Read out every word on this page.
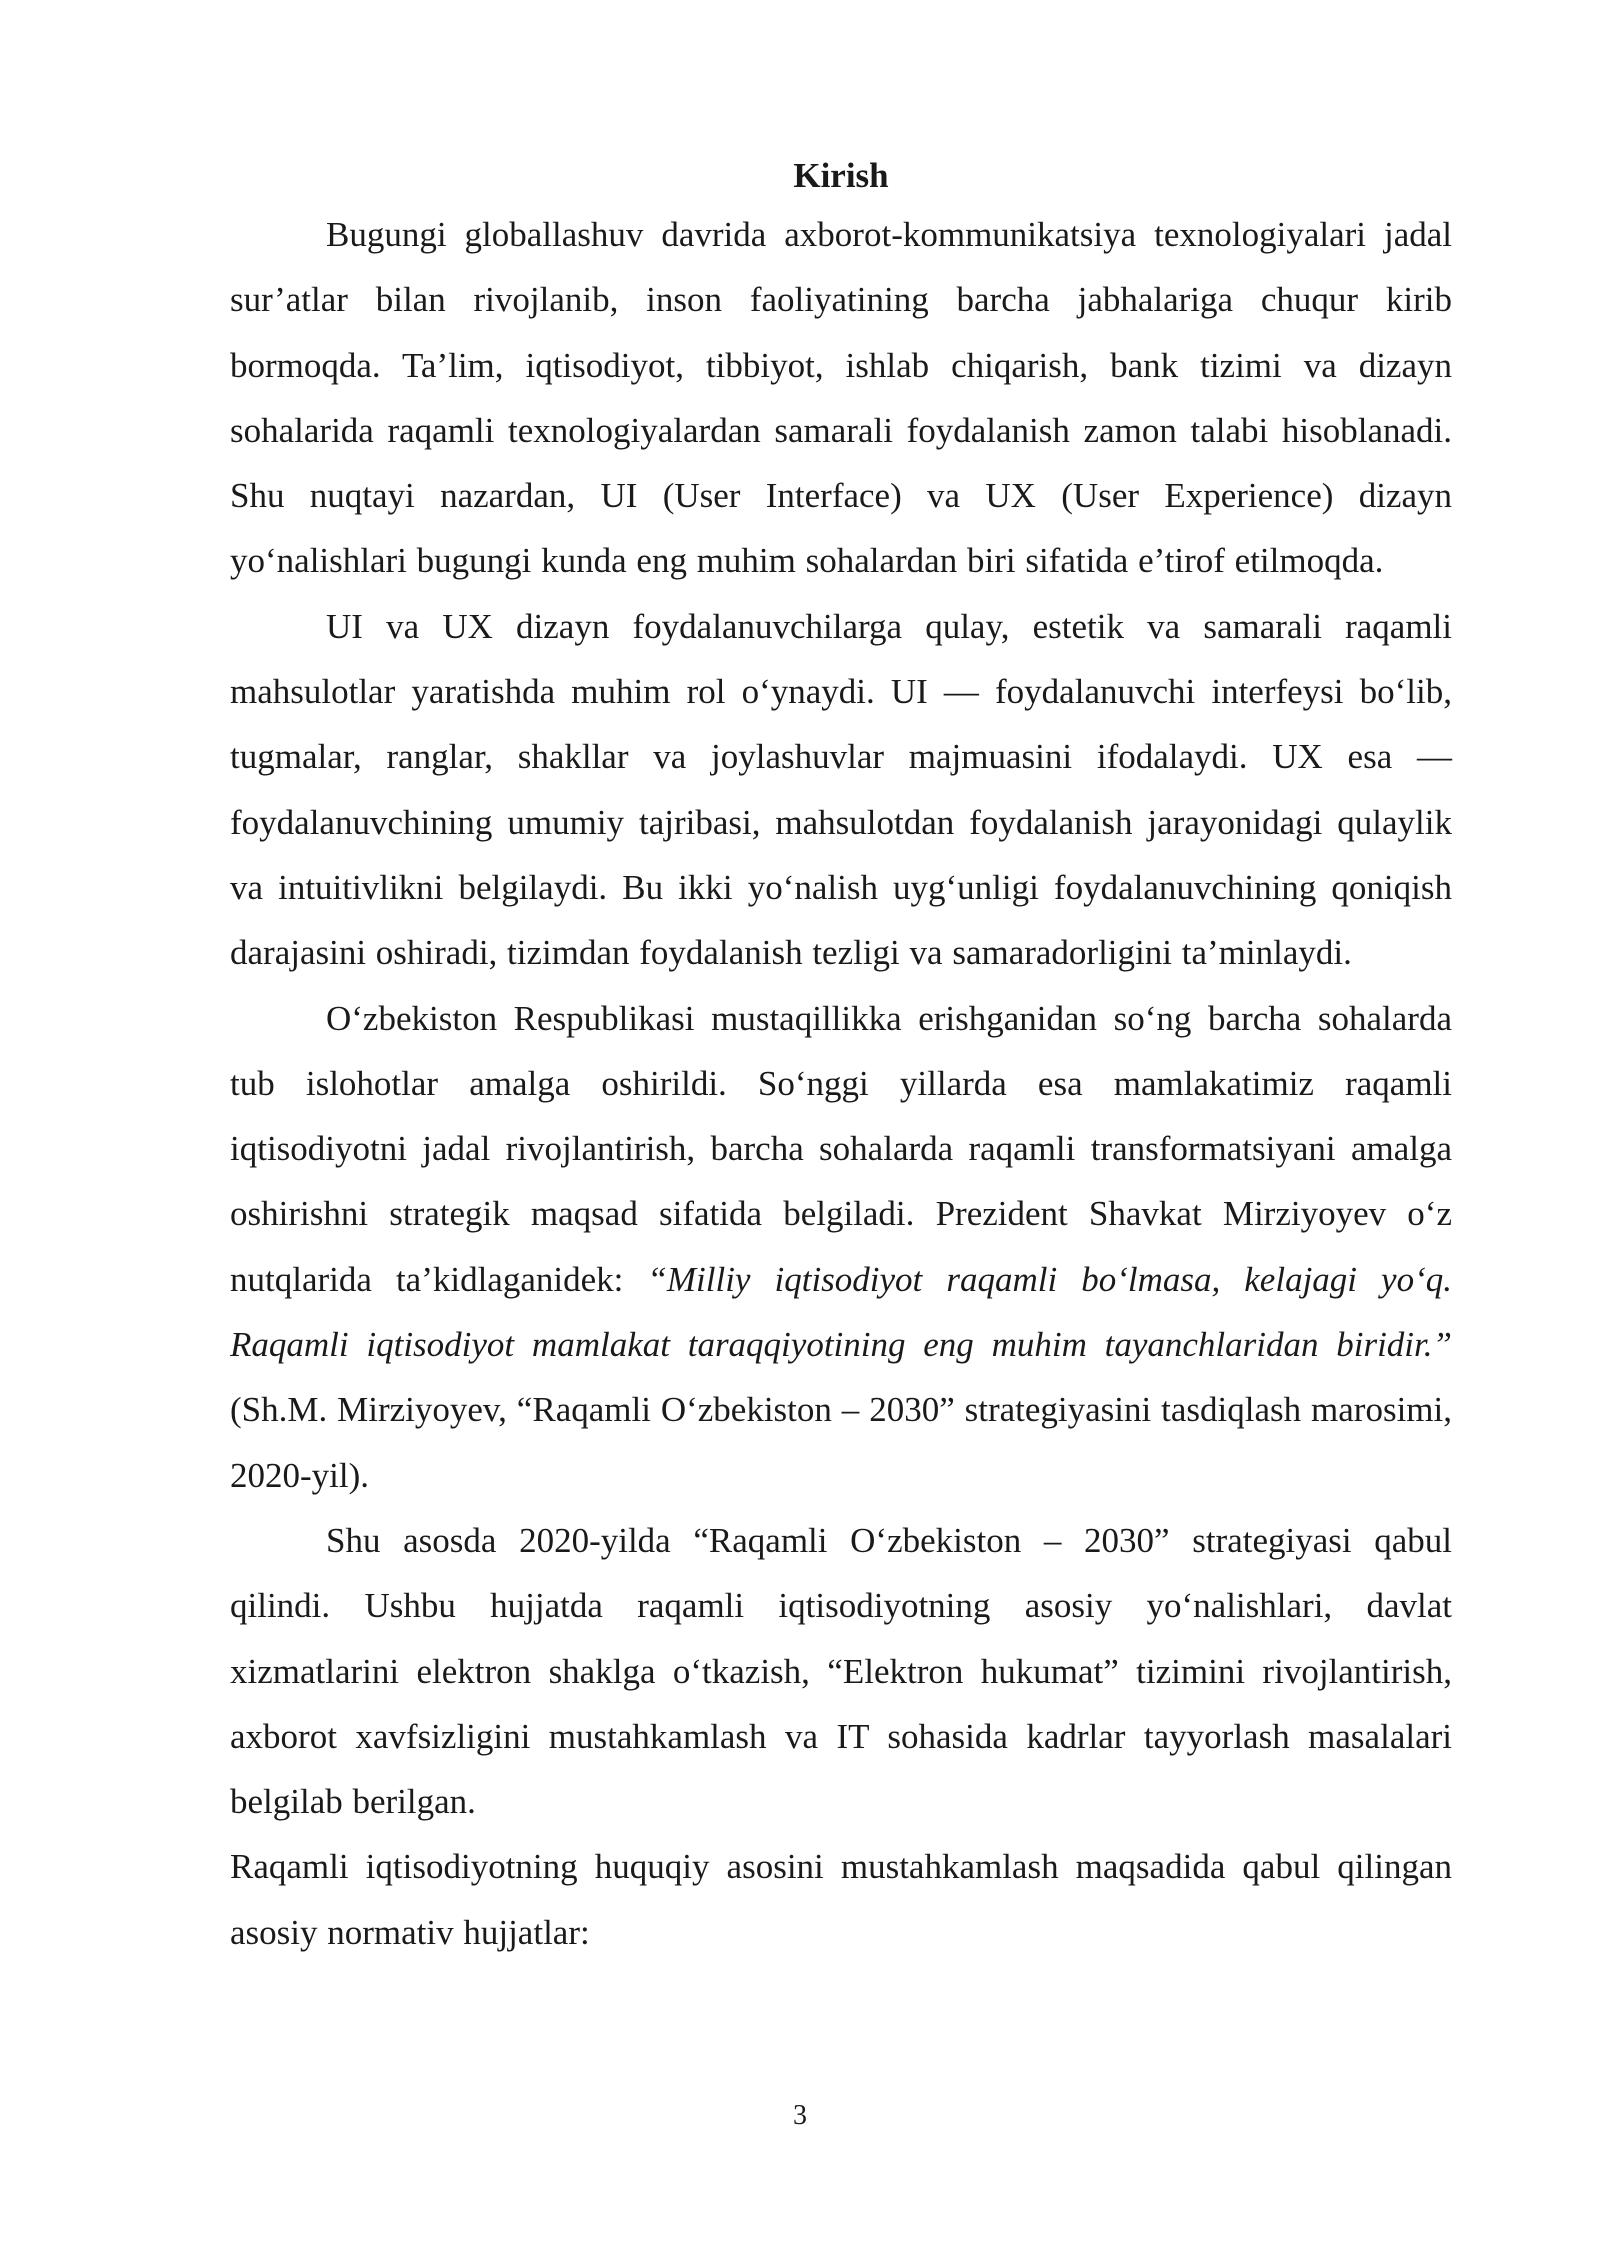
Kirish

Bugungi globallashuv davrida axborot-kommunikatsiya texnologiyalari jadal sur’atlar bilan rivojlanib, inson faoliyatining barcha jabhalariga chuqur kirib bormoqda. Ta’lim, iqtisodiyot, tibbiyot, ishlab chiqarish, bank tizimi va dizayn sohalarida raqamli texnologiyalardan samarali foydalanish zamon talabi hisoblanadi. Shu nuqtayi nazardan, UI (User Interface) va UX (User Experience) dizayn yo‘nalishlari bugungi kunda eng muhim sohalardan biri sifatida e’tirof etilmoqda.

UI va UX dizayn foydalanuvchilarga qulay, estetik va samarali raqamli mahsulotlar yaratishda muhim rol o‘ynaydi. UI — foydalanuvchi interfeysi bo‘lib, tugmalar, ranglar, shakllar va joylashuvlar majmuasini ifodalaydi. UX esa — foydalanuvchining umumiy tajribasi, mahsulotdan foydalanish jarayonidagi qulaylik va intuitivlikni belgilaydi. Bu ikki yo‘nalish uyg‘unligi foydalanuvchining qoniqish darajasini oshiradi, tizimdan foydalanish tezligi va samaradorligini ta’minlaydi.

O‘zbekiston Respublikasi mustaqillikka erishganidan so‘ng barcha sohalarda tub islohotlar amalga oshirildi. So‘nggi yillarda esa mamlakatimiz raqamli iqtisodiyotni jadal rivojlantirish, barcha sohalarda raqamli transformatsiyani amalga oshirishni strategik maqsad sifatida belgiladi. Prezident Shavkat Mirziyoyev o‘z nutqlarida ta’kidlaganidek: “Milliy iqtisodiyot raqamli bo‘lmasa, kelajagi yo‘q. Raqamli iqtisodiyot mamlakat taraqqiyotining eng muhim tayanchlaridan biridir.” (Sh.M. Mirziyoyev, “Raqamli O‘zbekiston – 2030” strategiyasini tasdiqlash marosimi, 2020-yil).

Shu asosda 2020-yilda “Raqamli O‘zbekiston – 2030” strategiyasi qabul qilindi. Ushbu hujjatda raqamli iqtisodiyotning asosiy yo‘nalishlari, davlat xizmatlarini elektron shaklga o‘tkazish, “Elektron hukumat” tizimini rivojlantirish, axborot xavfsizligini mustahkamlash va IT sohasida kadrlar tayyorlash masalalari belgilab berilgan.

Raqamli iqtisodiyotning huquqiy asosini mustahkamlash maqsadida qabul qilingan asosiy normativ hujjatlar:

3
